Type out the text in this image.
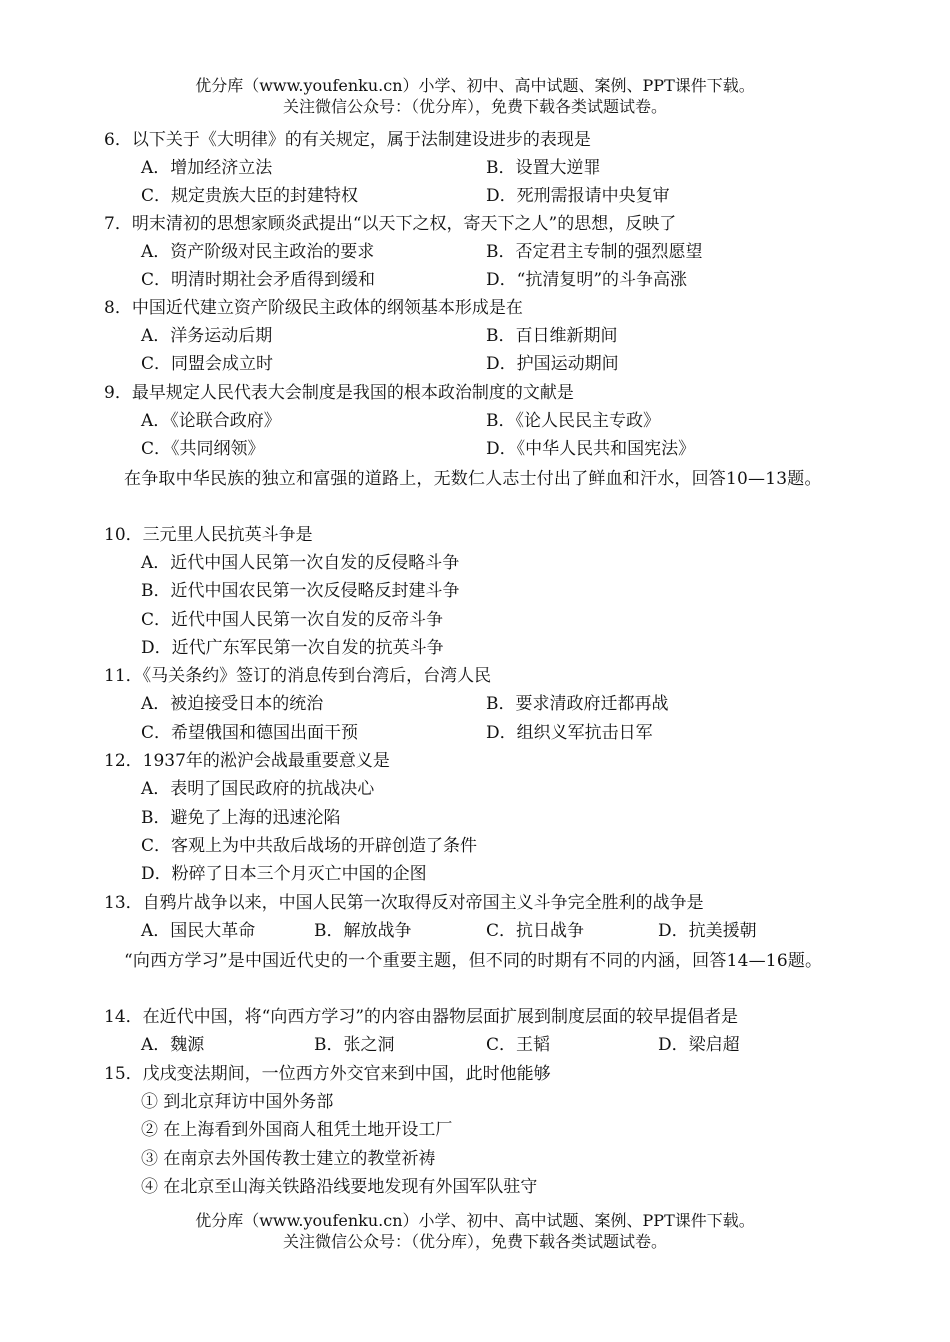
优分库（www.youfenku.cn）小学、初中、高中试题、案例、PPT课件下载。
关注微信公众号：（优分库），免费下载各类试题试卷。
6．以下关于《大明律》的有关规定，属于法制建设进步的表现是
A．增加经济立法	B．设置大逆罪
C．规定贵族大臣的封建特权	D．死刑需报请中央复审
7．明末清初的思想家顾炎武提出“以天下之权，寄天下之人”的思想，反映了
A．资产阶级对民主政治的要求	B．否定君主专制的强烈愿望
C．明清时期社会矛盾得到缓和	D．“抗清复明”的斗争高涨
8．中国近代建立资产阶级民主政体的纲领基本形成是在
A．洋务运动后期	B．百日维新期间
C．同盟会成立时	D．护国运动期间
9．最早规定人民代表大会制度是我国的根本政治制度的文献是
A．《论联合政府》	B．《论人民民主专政》
C．《共同纲领》	D．《中华人民共和国宪法》
在争取中华民族的独立和富强的道路上，无数仁人志士付出了鲜血和汗水，回答10—13题。
10．三元里人民抗英斗争是
A．近代中国人民第一次自发的反侵略斗争
B．近代中国农民第一次反侵略反封建斗争
C．近代中国人民第一次自发的反帝斗争
D．近代广东军民第一次自发的抗英斗争
11．《马关条约》签订的消息传到台湾后，台湾人民
A．被迫接受日本的统治	B．要求清政府迁都再战
C．希望俄国和德国出面干预	D．组织义军抗击日军
12．1937年的淞沪会战最重要意义是
A．表明了国民政府的抗战决心
B．避免了上海的迅速沦陷
C．客观上为中共敌后战场的开辟创造了条件
D．粉碎了日本三个月灭亡中国的企图
13．自鸦片战争以来，中国人民第一次取得反对帝国主义斗争完全胜利的战争是
A．国民大革命	B．解放战争	C．抗日战争	D．抗美援朝
“向西方学习”是中国近代史的一个重要主题，但不同的时期有不同的内涵，回答14—16题。
14．在近代中国，将“向西方学习”的内容由器物层面扩展到制度层面的较早提倡者是
A．魏源	B．张之洞	C．王韬	D．梁启超
15．戊戌变法期间，一位西方外交官来到中国，此时他能够
① 到北京拜访中国外务部
② 在上海看到外国商人租凭土地开设工厂
③ 在南京去外国传教士建立的教堂祈祷
④ 在北京至山海关铁路沿线要地发现有外国军队驻守
优分库（www.youfenku.cn）小学、初中、高中试题、案例、PPT课件下载。
关注微信公众号：（优分库），免费下载各类试题试卷。
